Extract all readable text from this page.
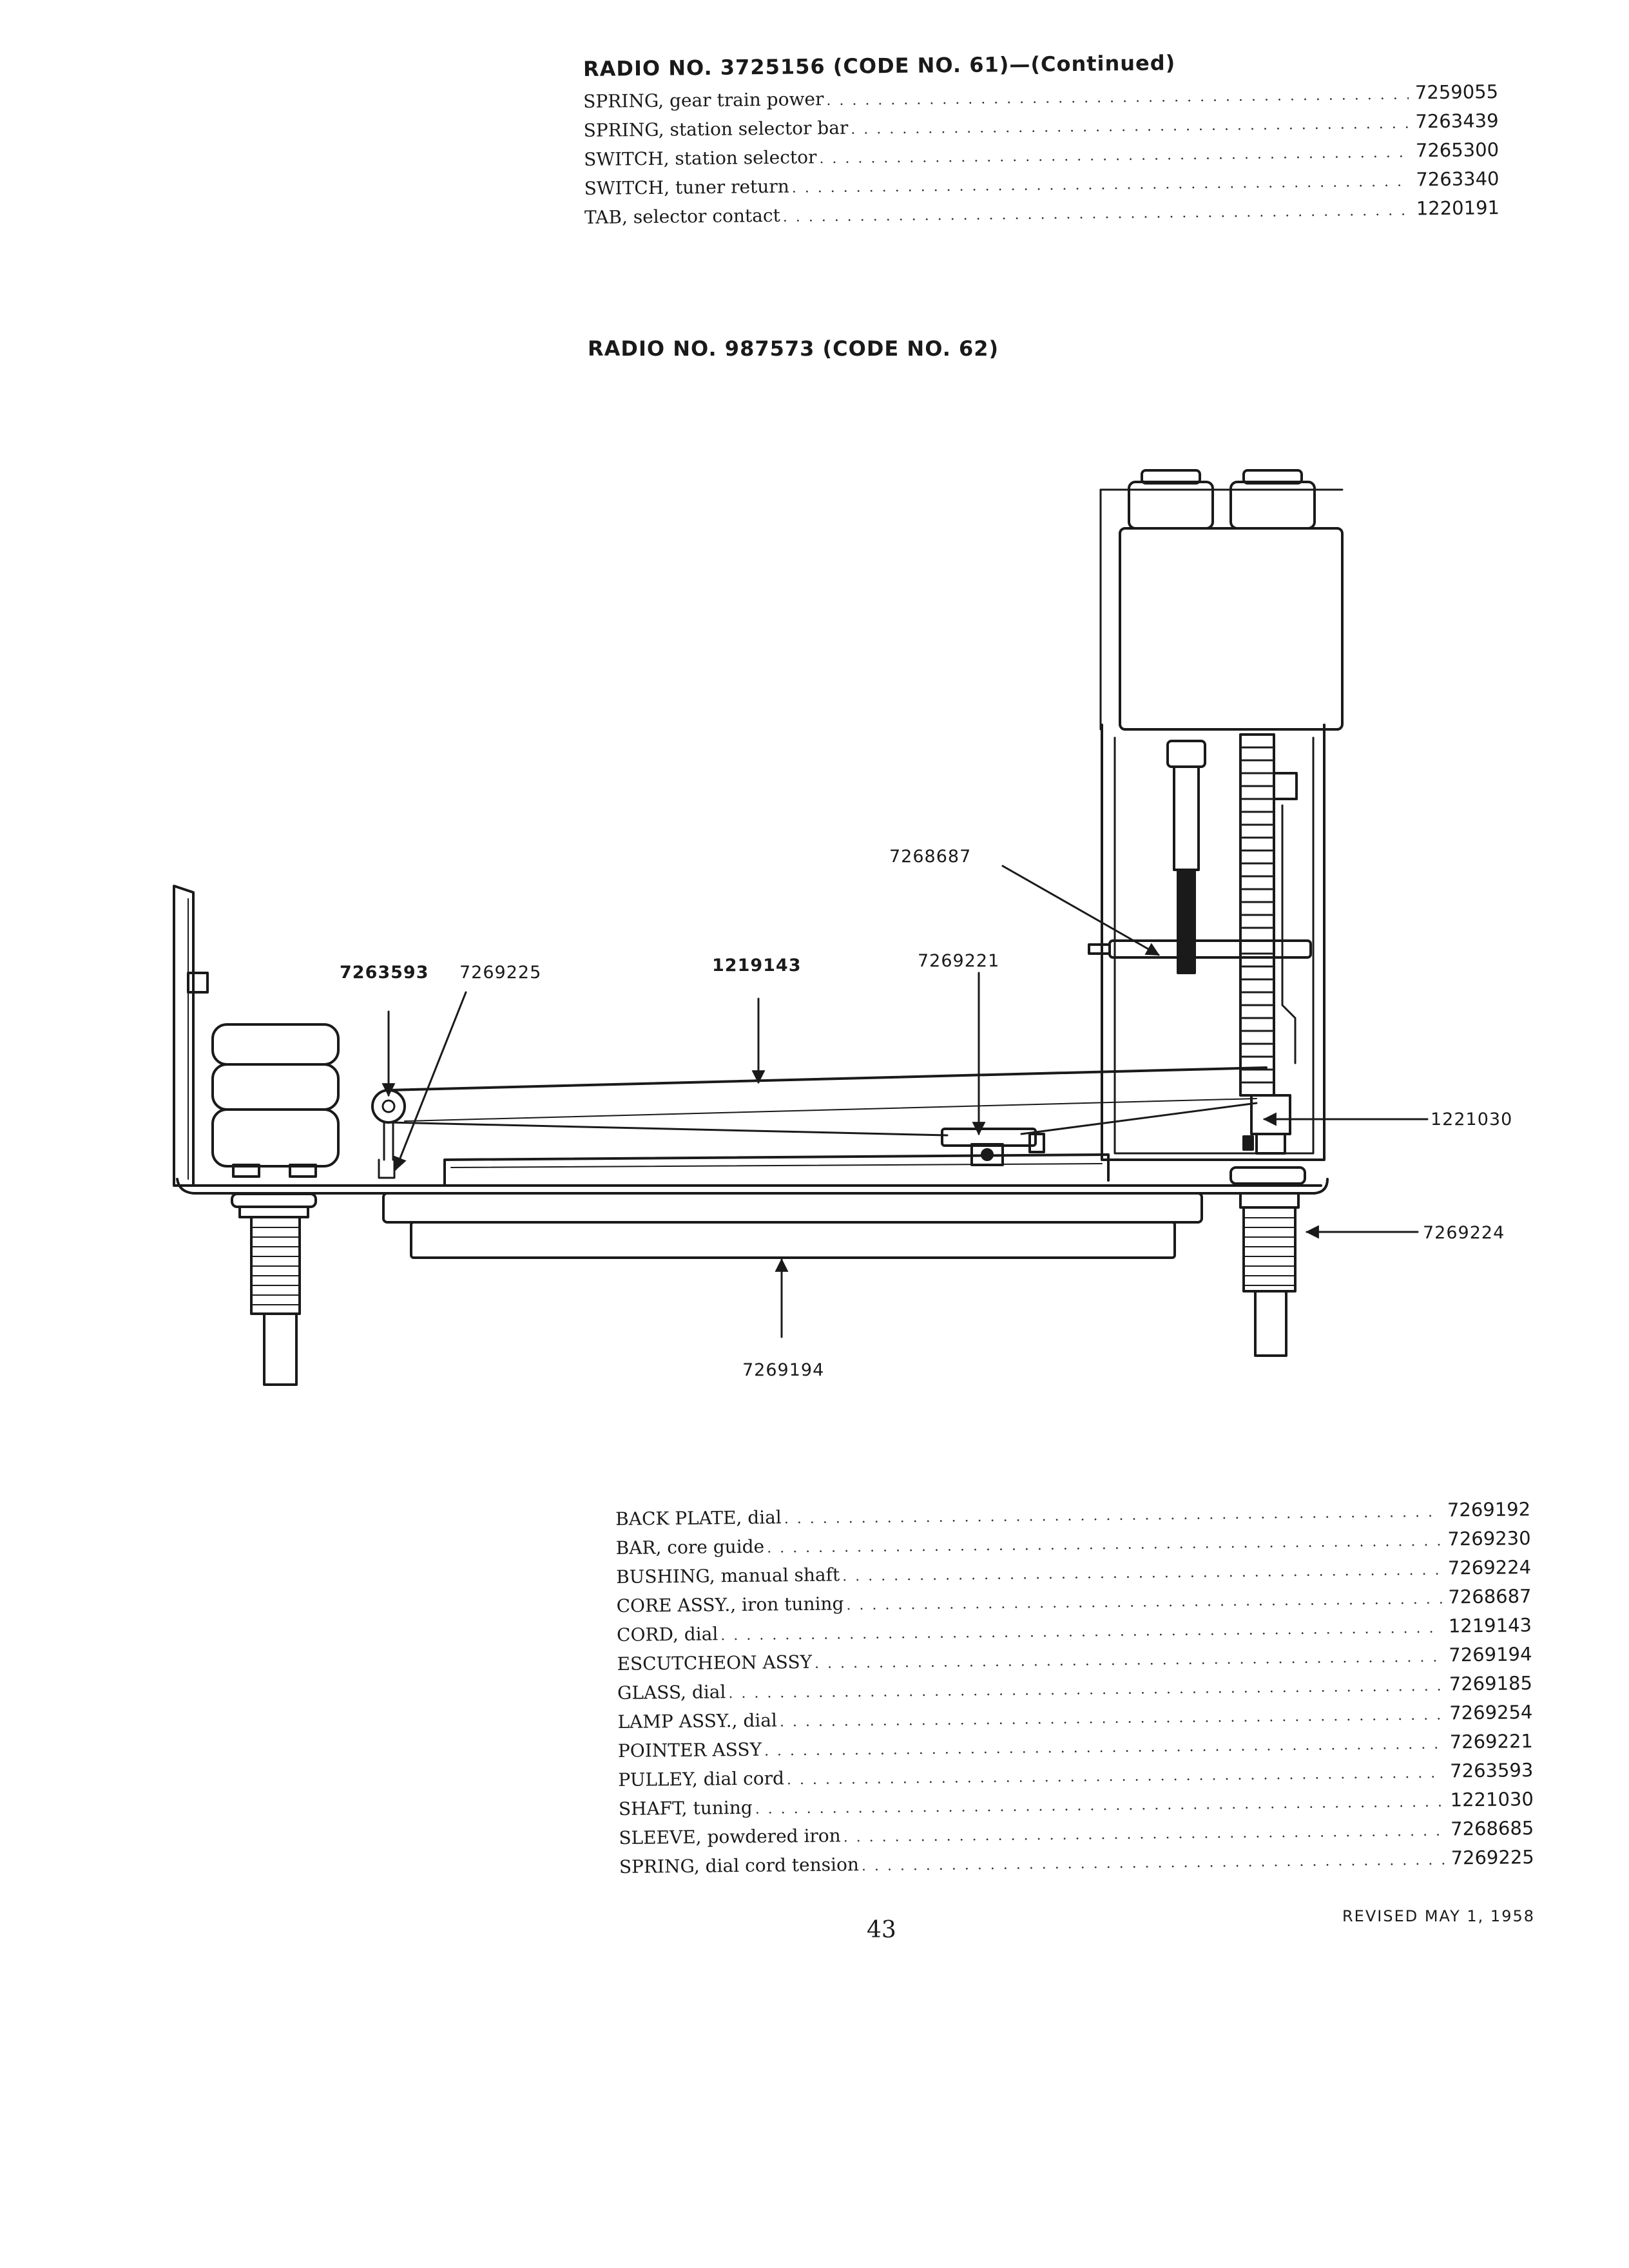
RADIO NO. 3725156 (CODE NO. 61)—(Continued)
SPRING, gear train power . . .	7259055
SPRING, station selector bar . . .	7263439
SWITCH, station selector . . .	7265300
SWITCH, tuner return . . .	7263340
TAB, selector contact . . .	1220191
RADIO NO. 987573 (CODE NO. 62)
7263593 7269225	1219143	7269221
7268687
1221030
7269224
7269194
BACK PLATE, dial . . .	7269192
BAR, core guide . . .	7269230
BUSHING, manual shaft . . .	7269224
CORE ASSY., iron tuning . . .	7268687
CORD, dial . . .	1219143
ESCUTCHEON ASSY . . .	7269194
GLASS, dial . . .	7269185
LAMP ASSY., dial . . .	7269254
POINTER ASSY . . .	7269221
PULLEY, dial cord . . .	7263593
SHAFT, tuning . . .	1221030
SLEEVE, powdered iron . . .	7268685
SPRING, dial cord tension . . .	7269225

43

REVISED MAY 1, 1958
